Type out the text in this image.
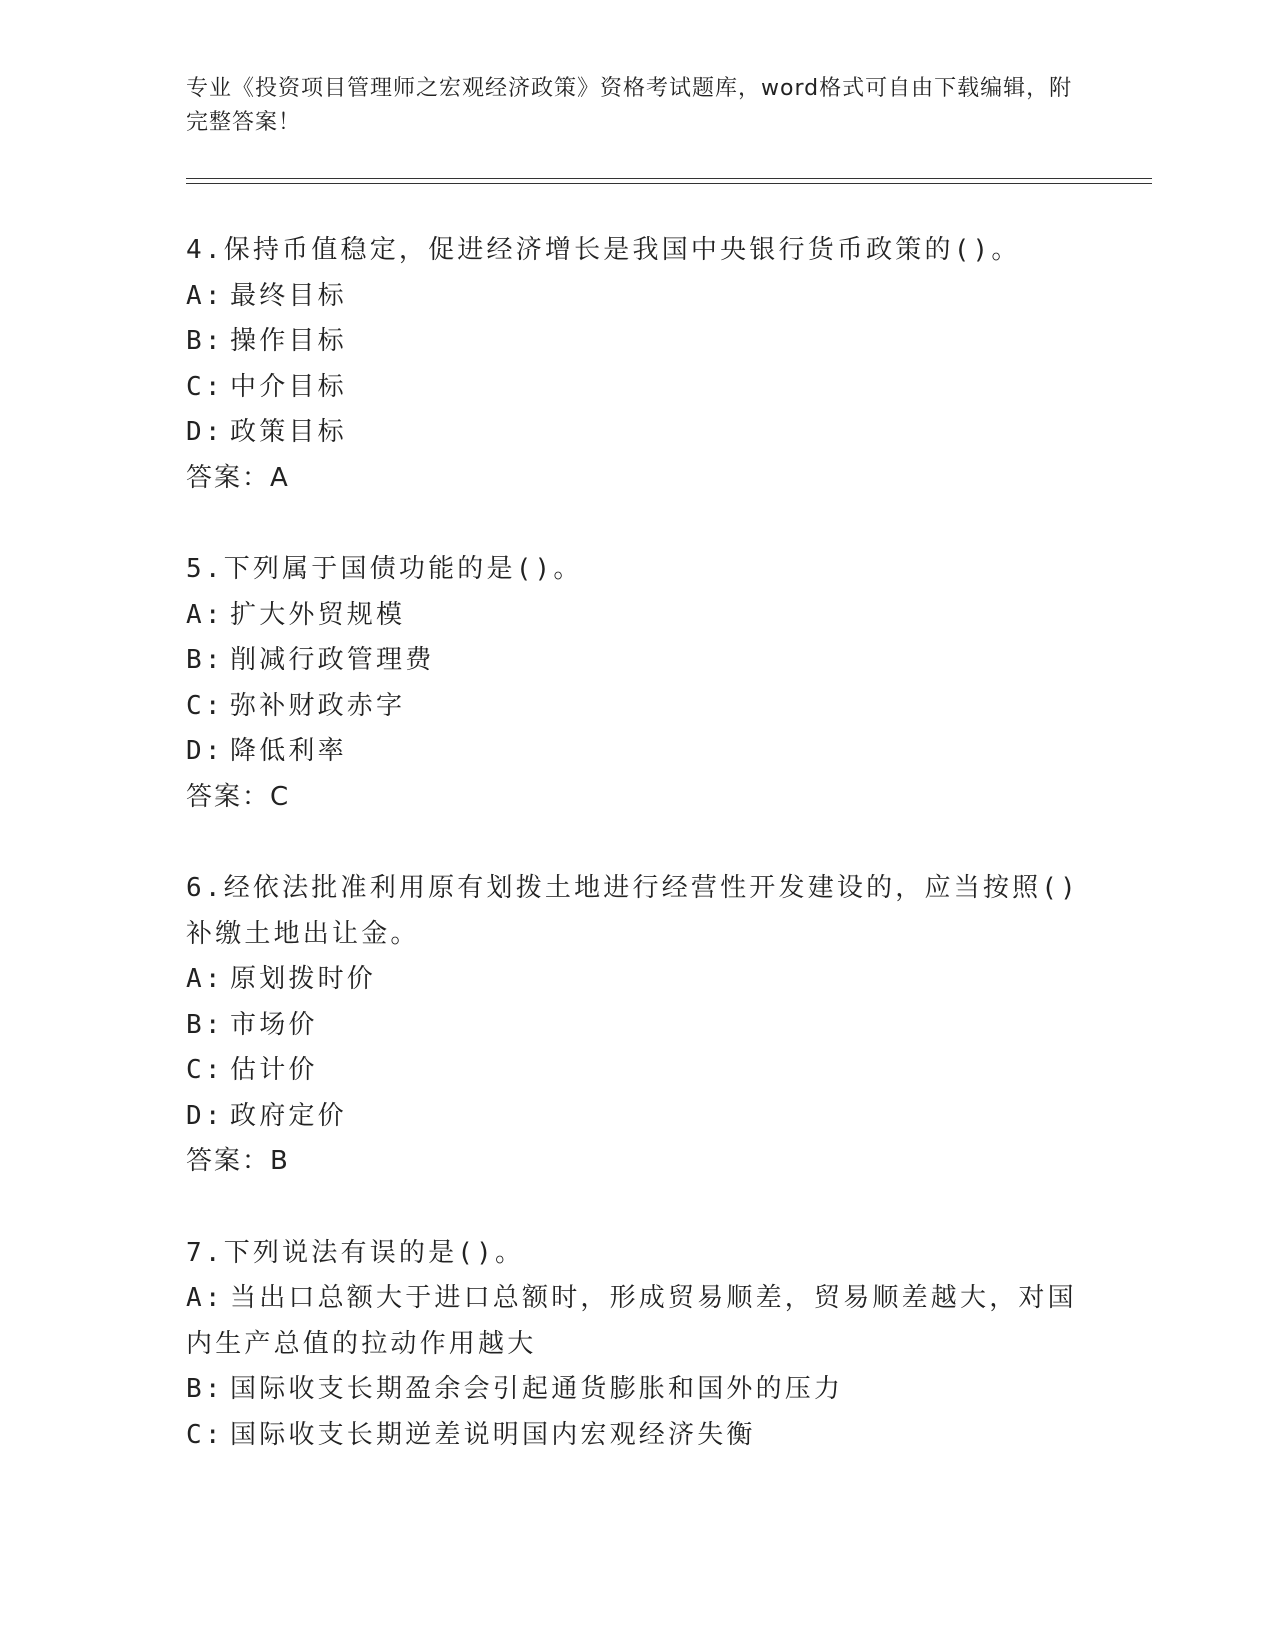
专业《投资项目管理师之宏观经济政策》资格考试题库，word格式可自由下载编辑，附完整答案！
4.保持币值稳定，促进经济增长是我国中央银行货币政策的()。
A: 最终目标
B: 操作目标
C: 中介目标
D: 政策目标
答案：A
5.下列属于国债功能的是()。
A: 扩大外贸规模
B: 削减行政管理费
C: 弥补财政赤字
D: 降低利率
答案：C
6.经依法批准利用原有划拨土地进行经营性开发建设的，应当按照()
补缴土地出让金。
A: 原划拨时价
B: 市场价
C: 估计价
D: 政府定价
答案：B
7.下列说法有误的是()。
A: 当出口总额大于进口总额时，形成贸易顺差，贸易顺差越大，对国
内生产总值的拉动作用越大
B: 国际收支长期盈余会引起通货膨胀和国外的压力
C: 国际收支长期逆差说明国内宏观经济失衡
